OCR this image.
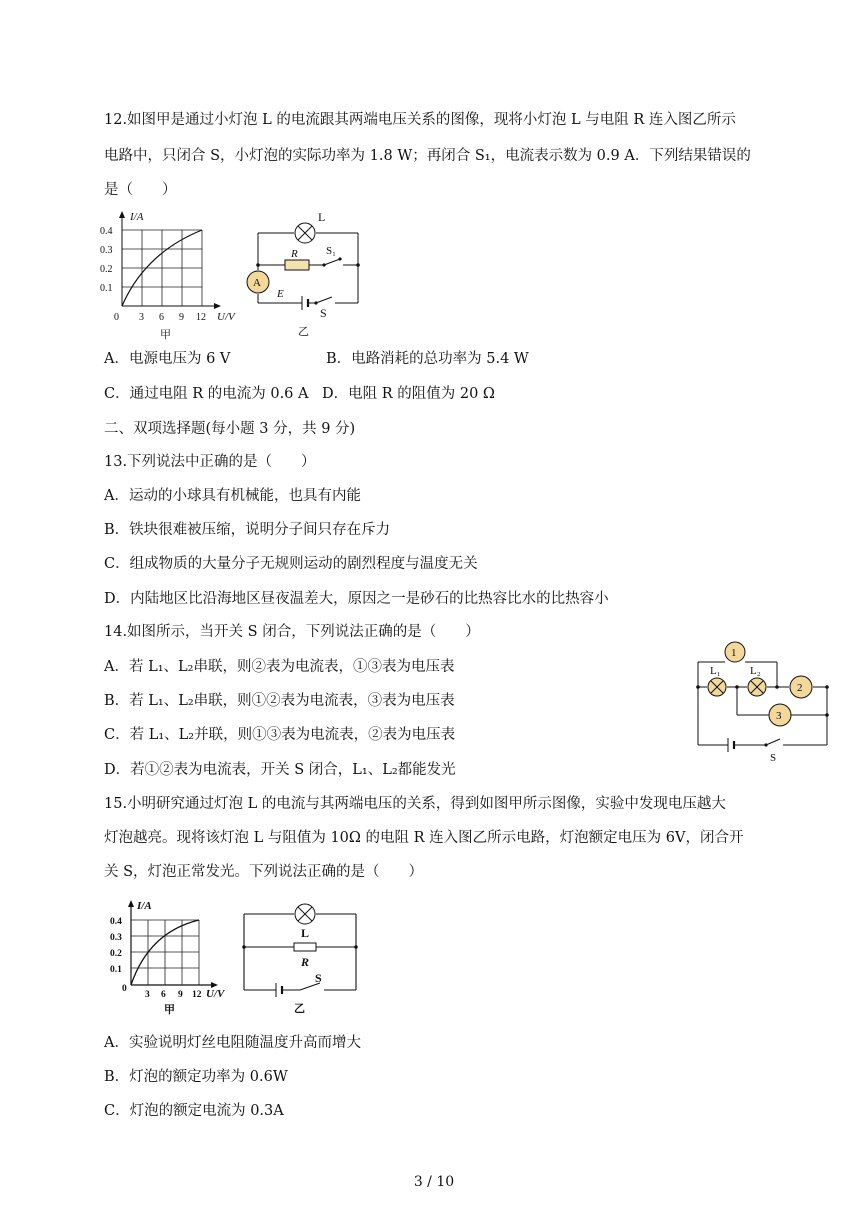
12.如图甲是通过小灯泡 L 的电流跟其两端电压关系的图像，现将小灯泡 L 与电阻 R 连入图乙所示
电路中，只闭合 S，小灯泡的实际功率为 1.8 W；再闭合 S₁，电流表示数为 0.9 A．下列结果错误的
是（　　）
I/A
0.4
0.3
0.2
0.1
0 3 6 9 12 U/V
甲
L
R	S₁
A
E
S
乙
A．电源电压为 6 V	B．电路消耗的总功率为 5.4 W
C．通过电阻 R 的电流为 0.6 A D．电阻 R 的阻值为 20 Ω
二、双项选择题(每小题 3 分，共 9 分)
13.下列说法中正确的是（　　）
A．运动的小球具有机械能，也具有内能
B．铁块很难被压缩，说明分子间只存在斥力
C．组成物质的大量分子无规则运动的剧烈程度与温度无关
D．内陆地区比沿海地区昼夜温差大，原因之一是砂石的比热容比水的比热容小
14.如图所示，当开关 S 闭合，下列说法正确的是（　　）
A．若 L₁、L₂串联，则②表为电流表，①③表为电压表
B．若 L₁、L₂串联，则①②表为电流表，③表为电压表
C．若 L₁、L₂并联，则①③表为电流表，②表为电压表
D．若①②表为电流表，开关 S 闭合，L₁、L₂都能发光
1
2
3
L₁	L₂
S
15.小明研究通过灯泡 L 的电流与其两端电压的关系，得到如图甲所示图像，实验中发现电压越大
灯泡越亮。现将该灯泡 L 与阻值为 10Ω 的电阻 R 连入图乙所示电路，灯泡额定电压为 6V，闭合开
关 S，灯泡正常发光。下列说法正确的是（　　）
I/A
0.4
0.3
0.2
0.1
0
3 6 9 12 U/V
甲
L
R
S
乙
A．实验说明灯丝电阻随温度升高而增大
B．灯泡的额定功率为 0.6W
C．灯泡的额定电流为 0.3A
3 / 10
